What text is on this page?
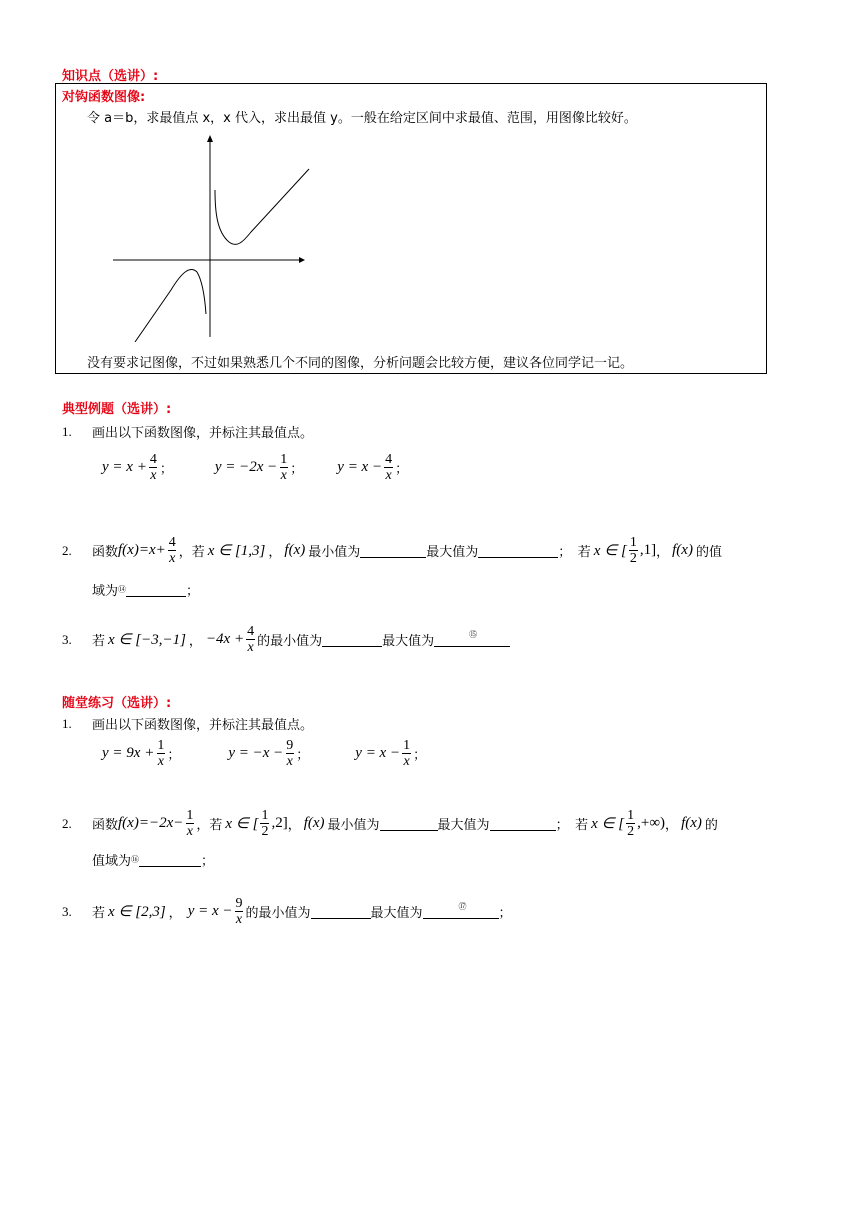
知识点（选讲）:
对钩函数图像:
令 a＝b，求最值点 x，x 代入，求出最值 y。一般在给定区间中求最值、范围，用图像比较好。
没有要求记图像，不过如果熟悉几个不同的图像，分析问题会比较方便，建议各位同学记一记。
典型例题（选讲）:
1.	画出以下函数图像，并标注其最值点。
$y = x + \frac{4}{x}$ ；	$y = -2x - \frac{1}{x}$ ； $y = x - \frac{4}{x}$ ；
2.	函数 $f(x)=x+ \frac{4}{x}$ ，若 x ∈ [1,3] ， f(x) 最小值为	最大值为	；　若 x ∈ [ $\frac{1}{2} ,1$] ， f(x) 的值
域为 ⑭	；
3.	若 x ∈ [−3,−1] ， $-4x + \frac{4}{x}$ 的最小值为	最大值为	⑮
随堂练习（选讲）:
1.	画出以下函数图像，并标注其最值点。
$y = 9x + \frac{1}{x}$ ；	$y = -x - \frac{9}{x}$ ；	$y = x - \frac{1}{x}$ ；
2.	函数 $f(x)=-2x- \frac{1}{x}$ ，若 x ∈ [ $\frac{1}{2} ,2$] ， f(x) 最小值为	最大值为	；　若 x ∈ [ $\frac{1}{2}$ ,+∞) ， f(x) 的
值域为 ⑯	；
3.	若 x ∈ [2,3] ， $y = x - \frac{9}{x}$ 的最小值为	最大值为	⑰ ；
